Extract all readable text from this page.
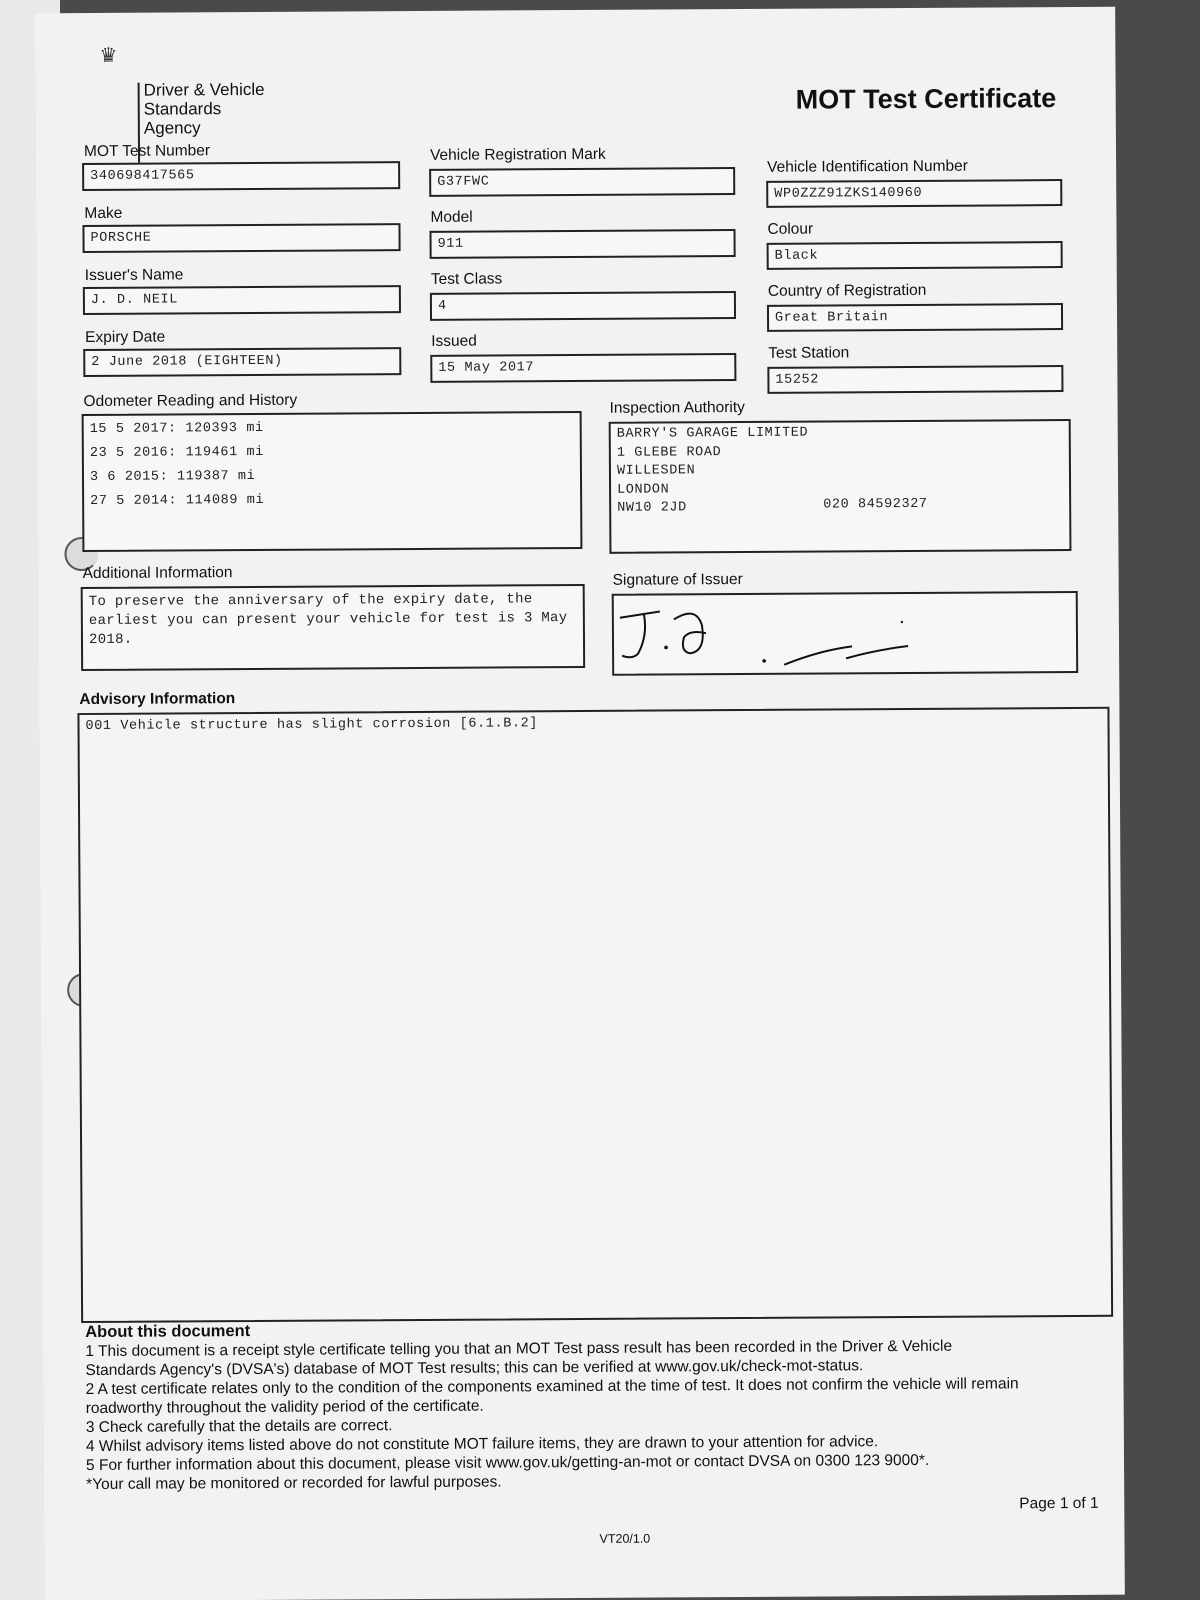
♛
Driver & Vehicle
Standards
Agency
MOT Test Certificate
MOT Test Number
340698417565
Vehicle Registration Mark
G37FWC
Vehicle Identification Number
WP0ZZZ91ZKS140960
Make
PORSCHE
Model
911
Colour
Black
Issuer's Name
J. D. NEIL
Test Class
4
Country of Registration
Great Britain
Expiry Date
2 June 2018 (EIGHTEEN)
Issued
15 May 2017
Test Station
15252
Odometer Reading and History
15 5 2017: 120393 mi
23 5 2016: 119461 mi
3 6 2015: 119387 mi
27 5 2014: 114089 mi
Inspection Authority
BARRY'S GARAGE LIMITED
1 GLEBE ROAD
WILLESDEN
LONDON
NW10 2JD	020 84592327
Additional Information
To preserve the anniversary of the expiry date, the earliest you can present your vehicle for test is 3 May 2018.
Signature of Issuer
Advisory Information
001 Vehicle structure has slight corrosion [6.1.B.2]
About this document
1 This document is a receipt style certificate telling you that an MOT Test pass result has been recorded in the Driver & Vehicle
Standards Agency's (DVSA's) database of MOT Test results; this can be verified at www.gov.uk/check-mot-status.
2 A test certificate relates only to the condition of the components examined at the time of test. It does not confirm the vehicle will remain
roadworthy throughout the validity period of the certificate.
3 Check carefully that the details are correct.
4 Whilst advisory items listed above do not constitute MOT failure items, they are drawn to your attention for advice.
5 For further information about this document, please visit www.gov.uk/getting-an-mot or contact DVSA on 0300 123 9000*.
*Your call may be monitored or recorded for lawful purposes.
VT20/1.0
Page 1 of 1
